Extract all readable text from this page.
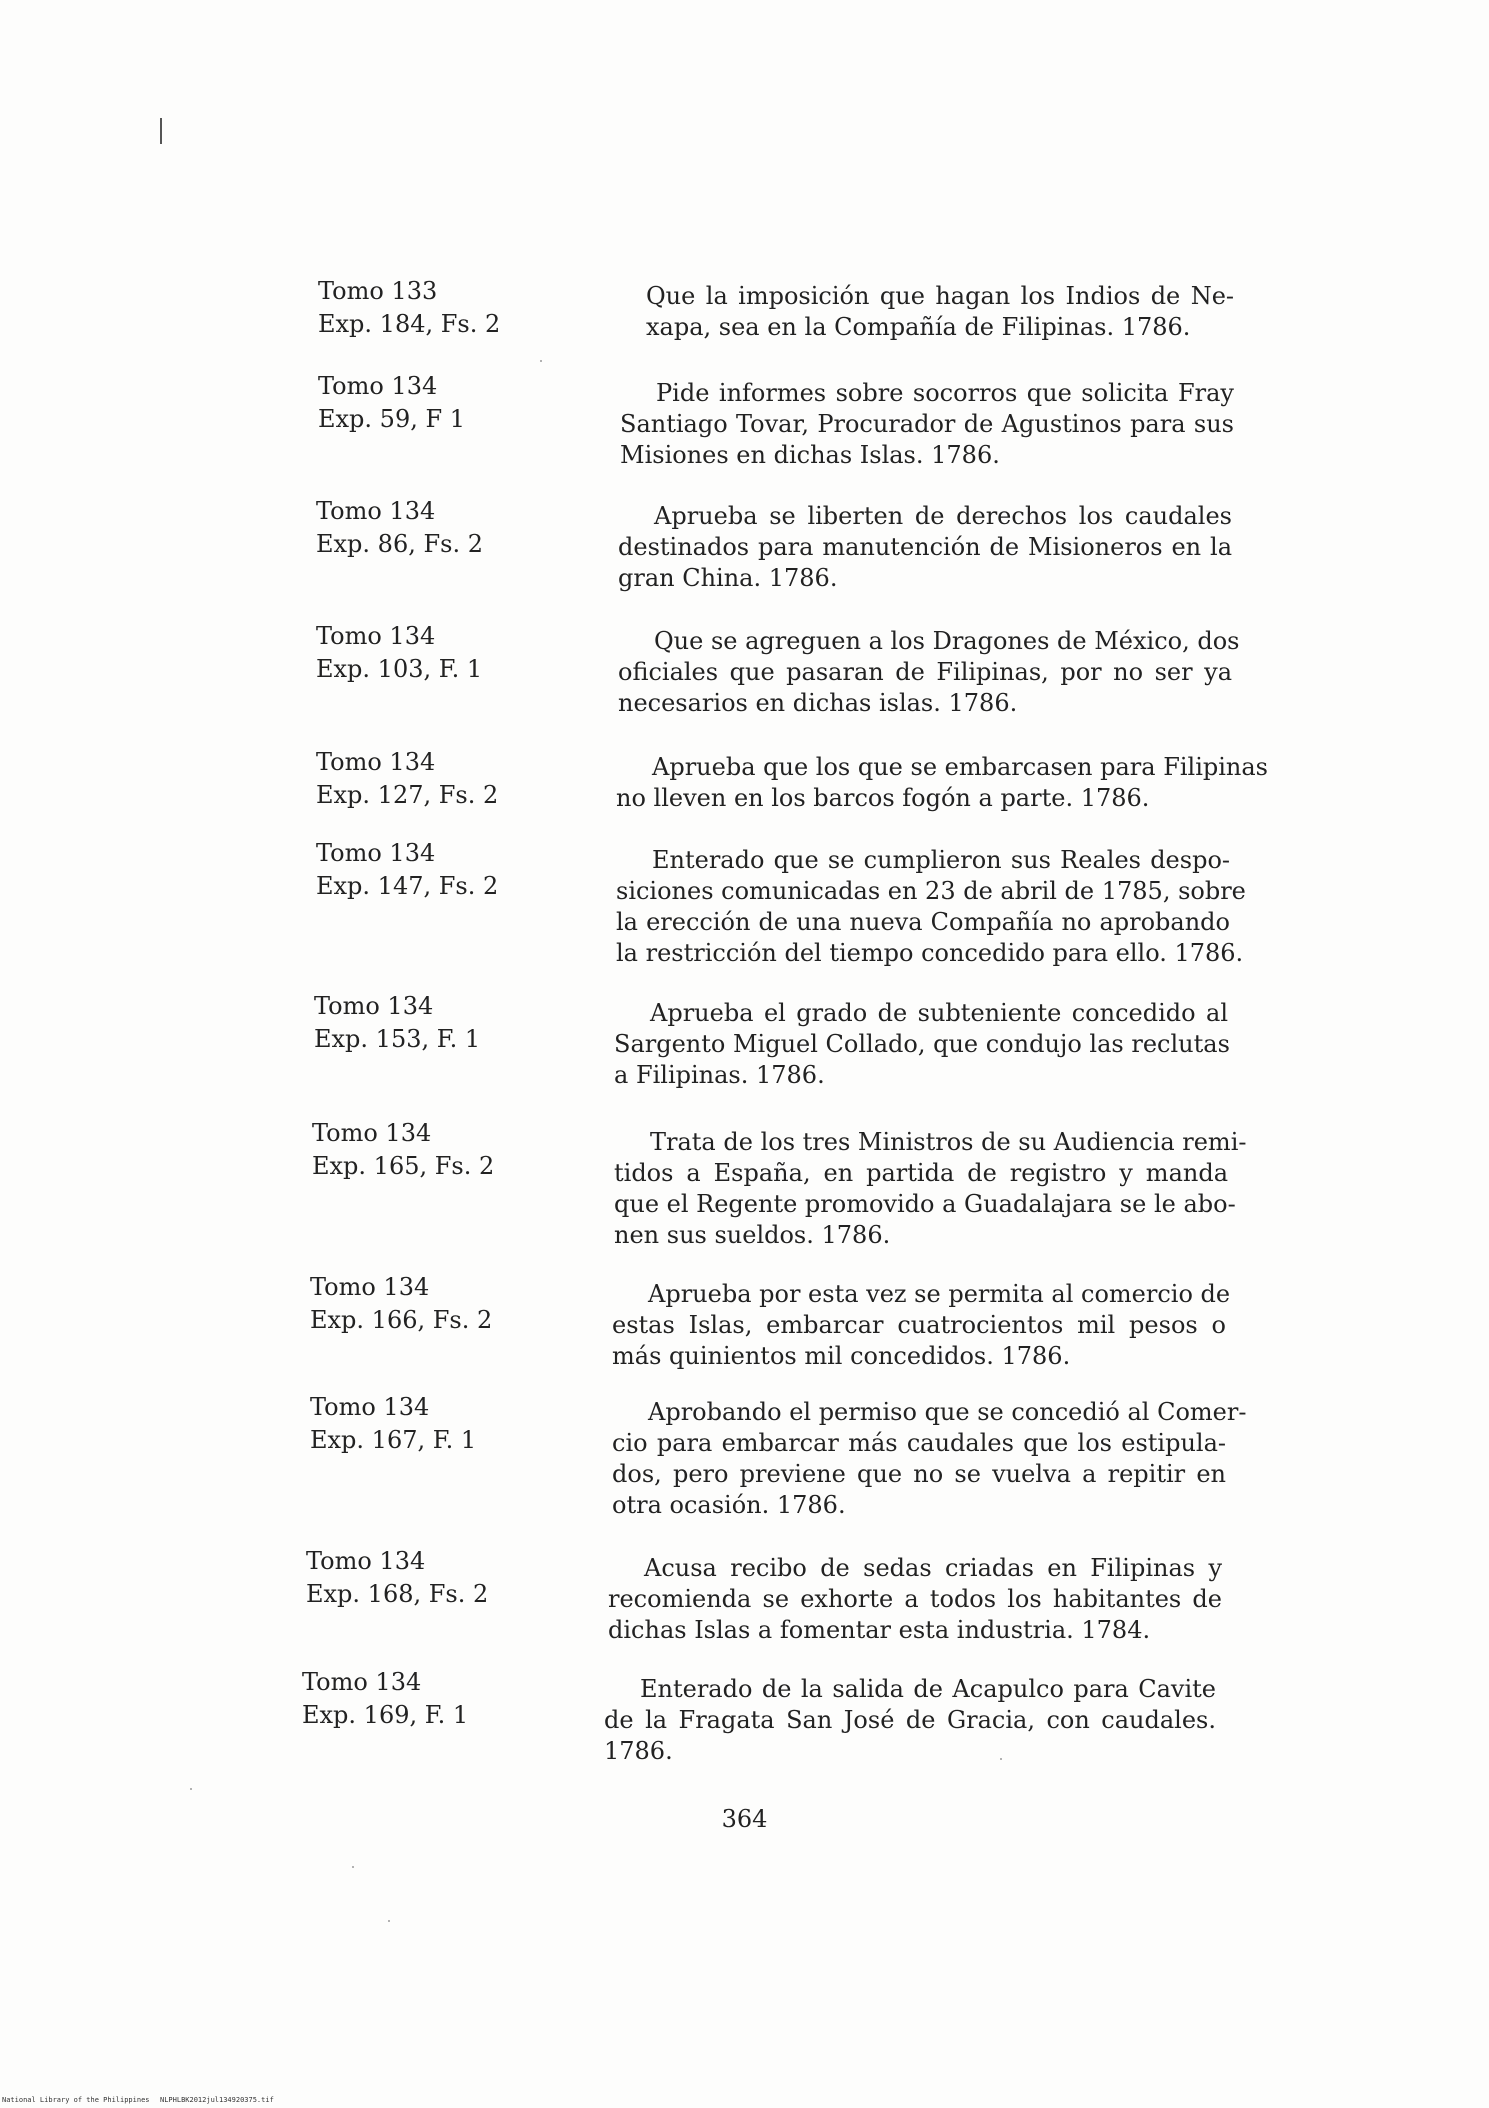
Tomo 133
Exp. 184, Fs. 2
Que la imposición que hagan los Indios de Ne-
xapa, sea en la Compañía de Filipinas. 1786.
Tomo 134
Exp. 59, F 1
Pide informes sobre socorros que solicita Fray
Santiago Tovar, Procurador de Agustinos para sus
Misiones en dichas Islas. 1786.
Tomo 134
Exp. 86, Fs. 2
Aprueba se liberten de derechos los caudales
destinados para manutención de Misioneros en la
gran China. 1786.
Tomo 134
Exp. 103, F. 1
Que se agreguen a los Dragones de México, dos
oficiales que pasaran de Filipinas, por no ser ya
necesarios en dichas islas. 1786.
Tomo 134
Exp. 127, Fs. 2
Aprueba que los que se embarcasen para Filipinas
no lleven en los barcos fogón a parte. 1786.
Tomo 134
Exp. 147, Fs. 2
Enterado que se cumplieron sus Reales despo-
siciones comunicadas en 23 de abril de 1785, sobre
la erección de una nueva Compañía no aprobando
la restricción del tiempo concedido para ello. 1786.
Tomo 134
Exp. 153, F. 1
Aprueba el grado de subteniente concedido al
Sargento Miguel Collado, que condujo las reclutas
a Filipinas. 1786.
Tomo 134
Exp. 165, Fs. 2
Trata de los tres Ministros de su Audiencia remi-
tidos a España, en partida de registro y manda
que el Regente promovido a Guadalajara se le abo-
nen sus sueldos. 1786.
Tomo 134
Exp. 166, Fs. 2
Aprueba por esta vez se permita al comercio de
estas Islas, embarcar cuatrocientos mil pesos o
más quinientos mil concedidos. 1786.
Tomo 134
Exp. 167, F. 1
Aprobando el permiso que se concedió al Comer-
cio para embarcar más caudales que los estipula-
dos, pero previene que no se vuelva a repitir en
otra ocasión. 1786.
Tomo 134
Exp. 168, Fs. 2
Acusa recibo de sedas criadas en Filipinas y
recomienda se exhorte a todos los habitantes de
dichas Islas a fomentar esta industria. 1784.
Tomo 134
Exp. 169, F. 1
Enterado de la salida de Acapulco para Cavite
de la Fragata San José de Gracia, con caudales.
1786.
364
National Library of the Philippines NLPHLBK2012jul134920375.tif
